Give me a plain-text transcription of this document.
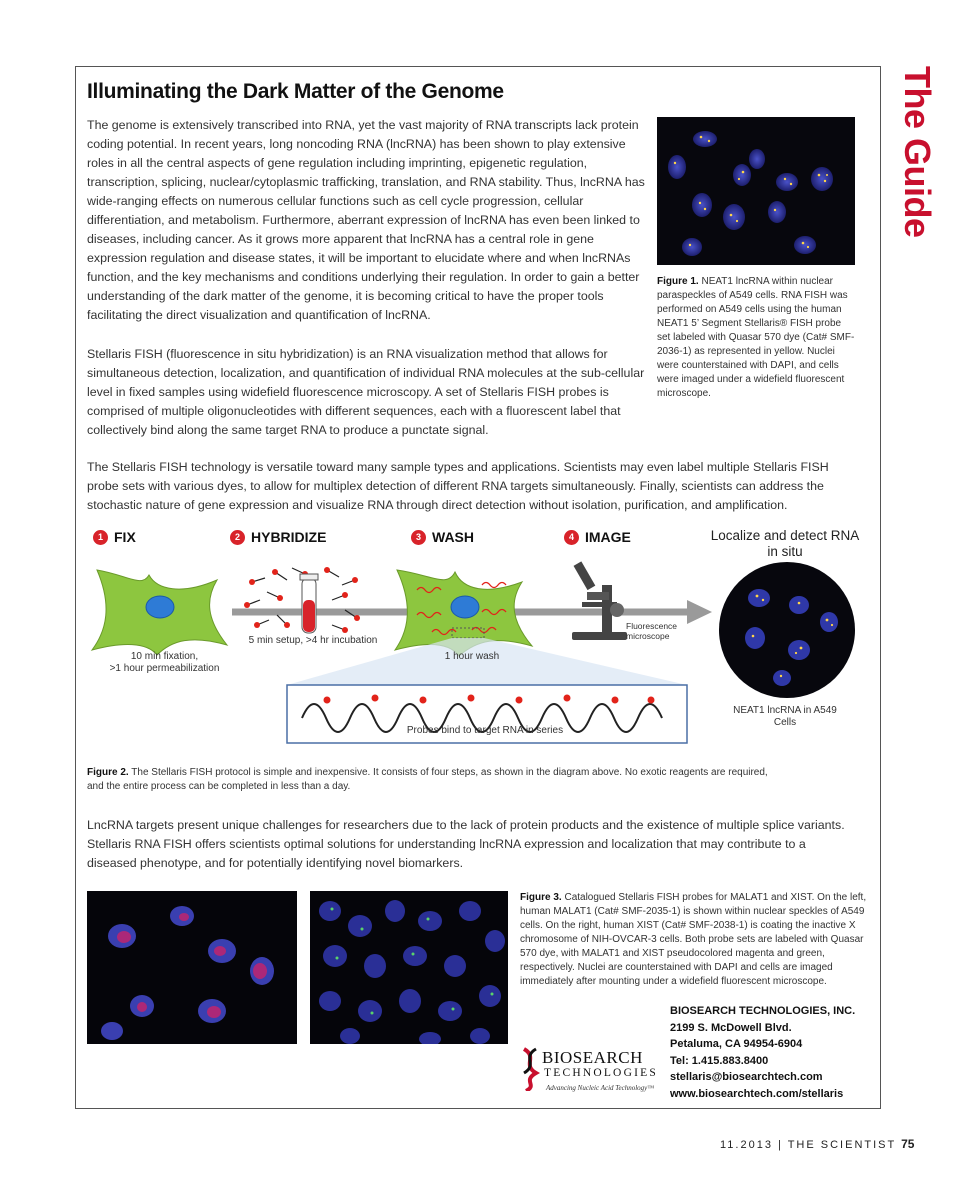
The Guide
Illuminating the Dark Matter of the Genome

The genome is extensively transcribed into RNA, yet the vast majority of RNA transcripts lack protein coding potential. In recent years, long noncoding RNA (lncRNA) has been shown to play extensive roles in all the central aspects of gene regulation including imprinting, epigenetic regulation, transcription, splicing, nuclear/cytoplasmic trafficking, translation, and RNA stability. Thus, lncRNA has wide-ranging effects on numerous cellular functions such as cell cycle progression, cellular differentiation, and metabolism. Furthermore, aberrant expression of lncRNA has even been linked to diseases, including cancer. As it grows more apparent that lncRNA has a central role in gene expression regulation and disease states, it will be important to elucidate where and when lncRNAs function, and the key mechanisms and conditions underlying their regulation. In order to gain a better understanding of the dark matter of the genome, it is becoming critical to have the proper tools facilitating the direct visualization and quantification of lncRNA.

Stellaris FISH (fluorescence in situ hybridization) is an RNA visualization method that allows for simultaneous detection, localization, and quantification of individual RNA molecules at the sub-cellular level in fixed samples using widefield fluorescence microscopy. A set of Stellaris FISH probes is comprised of multiple oligonucleotides with different sequences, each with a fluorescent label that collectively bind along the same target RNA to produce a punctate signal.

The Stellaris FISH technology is versatile toward many sample types and applications. Scientists may even label multiple Stellaris FISH probe sets with various dyes, to allow for multiplex detection of different RNA targets simultaneously. Finally, scientists can address the stochastic nature of gene expression and visualize RNA through direct detection without isolation, purification, and amplification.

Figure 1. NEAT1 lncRNA within nuclear paraspeckles of A549 cells. RNA FISH was performed on A549 cells using the human NEAT1 5’ Segment Stellaris® FISH probe set labeled with Quasar 570 dye (Cat# SMF-2036-1) as represented in yellow. Nuclei were counterstained with DAPI, and cells were imaged under a widefield fluorescent microscope.

1 FIX	2 HYBRIDIZE	3 WASH	4 IMAGE
10 min fixation,
>1 hour permeabilization
5 min setup, >4 hr incubation
1 hour wash
Fluorescence
microscope
Probes bind to target RNA in series
Localize and detect RNA in situ
NEAT1 lncRNA in A549 Cells

Figure 2. The Stellaris FISH protocol is simple and inexpensive. It consists of four steps, as shown in the diagram above. No exotic reagents are required, and the entire process can be completed in less than a day.

LncRNA targets present unique challenges for researchers due to the lack of protein products and the existence of multiple splice variants. Stellaris RNA FISH offers scientists optimal solutions for understanding lncRNA expression and localization that may contribute to a diseased phenotype, and for potentially identifying novel biomarkers.

Figure 3. Catalogued Stellaris FISH probes for MALAT1 and XIST. On the left, human MALAT1 (Cat# SMF-2035-1) is shown within nuclear speckles of A549 cells. On the right, human XIST (Cat# SMF-2038-1) is coating the inactive X chromosome of NIH-OVCAR-3 cells. Both probe sets are labeled with Quasar 570 dye, with MALAT1 and XIST pseudocolored magenta and green, respectively. Nuclei are counterstained with DAPI and cells are imaged immediately after mounting under a widefield fluorescent microscope.

BIOSEARCH
TECHNOLOGIES
Advancing Nucleic Acid Technology™
BIOSEARCH TECHNOLOGIES, INC.
2199 S. McDowell Blvd.
Petaluma, CA 94954-6904
Tel: 1.415.883.8400
stellaris@biosearchtech.com
www.biosearchtech.com/stellaris
11.2013 | THE SCIENTIST 75
